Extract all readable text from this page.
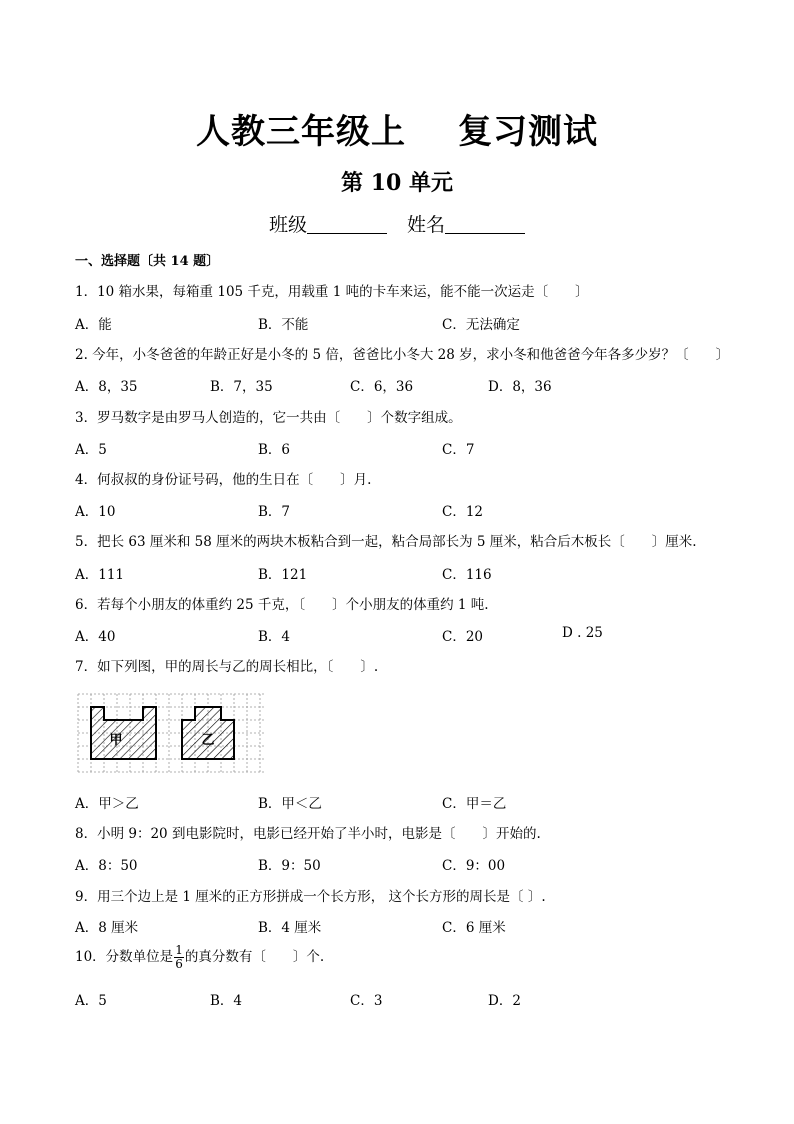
人教三年级上 复习测试
第 10 单元
班级	姓名
一、选择题〔共 14 题〕
1．10 箱水果，每箱重 105 千克，用载重 1 吨的卡车来运，能不能一次运走〔　　〕
A．能	B．不能	C．无法确定
2. 今年，小冬爸爸的年龄正好是小冬的 5 倍，爸爸比小冬大 28 岁，求小冬和他爸爸今年各多少岁？〔　　〕
A．8，35	B．7，35	C．6，36	D．8，36
3．罗马数字是由罗马人创造的，它一共由〔　　〕个数字组成。
A．5	B．6	C．7
4．何叔叔的身份证号码，他的生日在〔　　〕月.
A．10	B．7	C．12
5．把长 63 厘米和 58 厘米的两块木板粘合到一起，粘合局部长为 5 厘米，粘合后木板长〔　　〕厘米.
A．111	B．121	C．116
6．若每个小朋友的体重约 25 千克，〔　　〕个小朋友的体重约 1 吨.
A．40	B．4	C．20	D . 25
7．如下列图，甲的周长与乙的周长相比，〔　　〕.
甲	乙
A．甲＞乙	B．甲＜乙	C．甲＝乙
8．小明 9：20 到电影院时，电影已经开始了半小时，电影是〔　　〕开始的.
A．8：50	B．9：50	C．9：00
9．用三个边上是 1 厘米的正方形拼成一个长方形， 这个长方形的周长是〔 〕.
A．8 厘米	B．4 厘米	C．6 厘米
10．分数单位是 $\frac{1}{6}$ 的真分数有〔　　〕个.
A．5	B．4	C．3	D．2
